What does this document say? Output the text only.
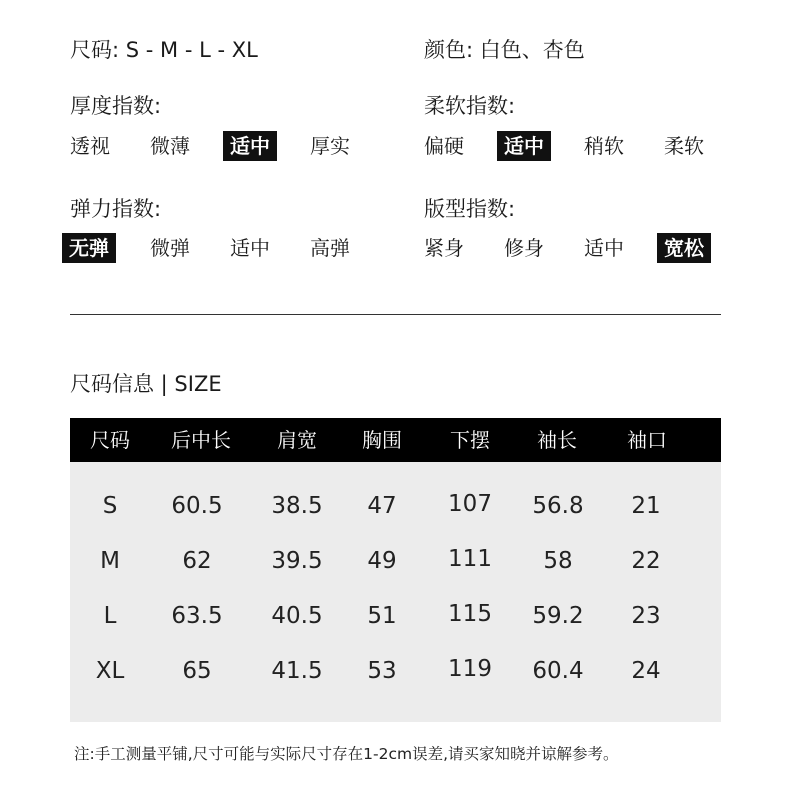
尺码: S - M - L - XL	颜色: 白色、杏色
厚度指数:	柔软指数:
弹力指数:	版型指数:
透视	微薄	适中	厚实	偏硬	适中	稍软	柔软
无弹	微弹	适中	高弹	紧身	修身	适中	宽松
尺码信息 | SIZE
尺码 后中长 肩宽 胸围 下摆 袖长	袖口
S 60.5 38.5 47 107 56.8 21
M	62	39.5 49 111 58	22
L 63.5 40.5 51 115 59.2 23
XL	65	41.5 53 119 60.4 24
注:手工测量平铺,尺寸可能与实际尺寸存在1-2cm误差,请买家知晓并谅解参考。
